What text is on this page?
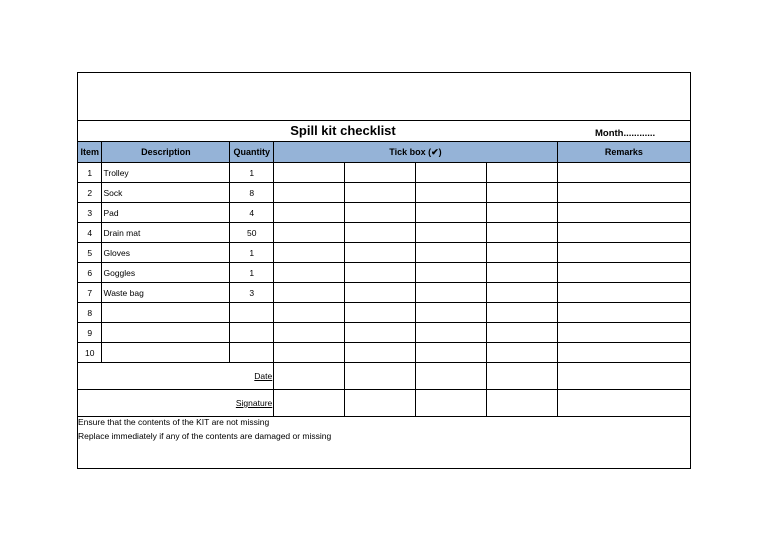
Spill kit checklist	Month............
Item	Description	Quantity	Tick box (✔)				Remarks
1	Trolley	1					
2	Sock	8					
3	Pad	4					
4	Drain mat	50					
5	Gloves	1					
6	Goggles	1					
7	Waste bag	3					
8							
9							
10							
Date							
Signature							
Ensure that the contents of the KIT are not missing
Replace immediately if any of the contents are damaged or missing
